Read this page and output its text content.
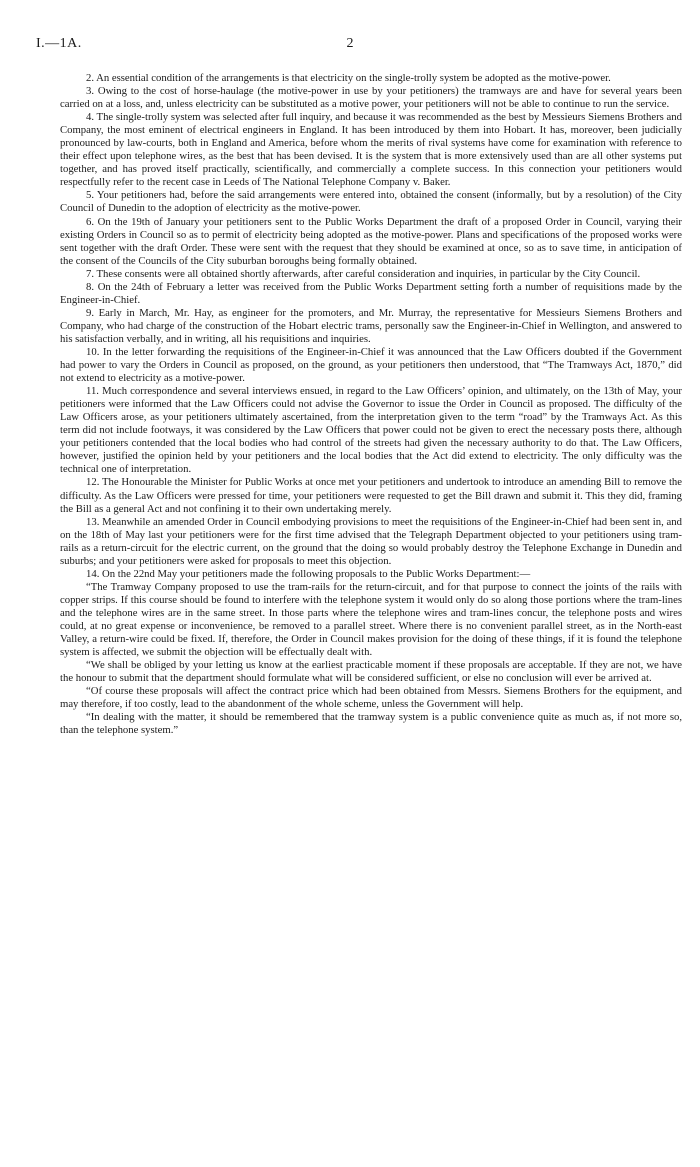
I.—1A.	2

2. An essential condition of the arrangements is that electricity on the single-trolly system be adopted as the motive-power.

3. Owing to the cost of horse-haulage (the motive-power in use by your petitioners) the tramways are and have for several years been carried on at a loss, and, unless electricity can be substituted as a motive power, your petitioners will not be able to continue to run the service.

4. The single-trolly system was selected after full inquiry, and because it was recommended as the best by Messieurs Siemens Brothers and Company, the most eminent of electrical engineers in England. It has been introduced by them into Hobart. It has, moreover, been judicially pronounced by law-courts, both in England and America, before whom the merits of rival systems have come for examination with reference to their effect upon telephone wires, as the best that has been devised. It is the system that is more extensively used than are all other systems put together, and has proved itself practically, scientifically, and commercially a complete success. In this connection your petitioners would respectfully refer to the recent case in Leeds of The National Telephone Company v. Baker.

5. Your petitioners had, before the said arrangements were entered into, obtained the consent (informally, but by a resolution) of the City Council of Dunedin to the adoption of electricity as the motive-power.

6. On the 19th of January your petitioners sent to the Public Works Department the draft of a proposed Order in Council, varying their existing Orders in Council so as to permit of electricity being adopted as the motive-power. Plans and specifications of the proposed works were sent together with the draft Order. These were sent with the request that they should be examined at once, so as to save time, in anticipation of the consent of the Councils of the City suburban boroughs being formally obtained.

7. These consents were all obtained shortly afterwards, after careful consideration and inquiries, in particular by the City Council.

8. On the 24th of February a letter was received from the Public Works Department setting forth a number of requisitions made by the Engineer-in-Chief.

9. Early in March, Mr. Hay, as engineer for the promoters, and Mr. Murray, the representative for Messieurs Siemens Brothers and Company, who had charge of the construction of the Hobart electric trams, personally saw the Engineer-in-Chief in Wellington, and answered to his satisfaction verbally, and in writing, all his requisitions and inquiries.

10. In the letter forwarding the requisitions of the Engineer-in-Chief it was announced that the Law Officers doubted if the Government had power to vary the Orders in Council as proposed, on the ground, as your petitioners then understood, that “The Tramways Act, 1870,” did not extend to electricity as a motive-power.

11. Much correspondence and several interviews ensued, in regard to the Law Officers’ opinion, and ultimately, on the 13th of May, your petitioners were informed that the Law Officers could not advise the Governor to issue the Order in Council as proposed. The difficulty of the Law Officers arose, as your petitioners ultimately ascertained, from the interpretation given to the term “road” by the Tramways Act. As this term did not include footways, it was considered by the Law Officers that power could not be given to erect the necessary posts there, although your petitioners contended that the local bodies who had control of the streets had given the necessary authority to do that. The Law Officers, however, justified the opinion held by your petitioners and the local bodies that the Act did extend to electricity. The only difficulty was the technical one of interpretation.

12. The Honourable the Minister for Public Works at once met your petitioners and undertook to introduce an amending Bill to remove the difficulty. As the Law Officers were pressed for time, your petitioners were requested to get the Bill drawn and submit it. This they did, framing the Bill as a general Act and not confining it to their own undertaking merely.

13. Meanwhile an amended Order in Council embodying provisions to meet the requisitions of the Engineer-in-Chief had been sent in, and on the 18th of May last your petitioners were for the first time advised that the Telegraph Department objected to your petitioners using tram-rails as a return-circuit for the electric current, on the ground that the doing so would probably destroy the Telephone Exchange in Dunedin and suburbs; and your petitioners were asked for proposals to meet this objection.

14. On the 22nd May your petitioners made the following proposals to the Public Works Department:—

“The Tramway Company proposed to use the tram-rails for the return-circuit, and for that purpose to connect the joints of the rails with copper strips. If this course should be found to interfere with the telephone system it would only do so along those portions where the tram-lines and the telephone wires are in the same street. In those parts where the telephone wires and tram-lines concur, the telephone posts and wires could, at no great expense or inconvenience, be removed to a parallel street. Where there is no convenient parallel street, as in the North-east Valley, a return-wire could be fixed. If, therefore, the Order in Council makes provision for the doing of these things, if it is found the telephone system is affected, we submit the objection will be effectually dealt with.

“We shall be obliged by your letting us know at the earliest practicable moment if these proposals are acceptable. If they are not, we have the honour to submit that the department should formulate what will be considered sufficient, or else no conclusion will ever be arrived at.

“Of course these proposals will affect the contract price which had been obtained from Messrs. Siemens Brothers for the equipment, and may therefore, if too costly, lead to the abandonment of the whole scheme, unless the Government will help.

“In dealing with the matter, it should be remembered that the tramway system is a public convenience quite as much as, if not more so, than the telephone system.”
